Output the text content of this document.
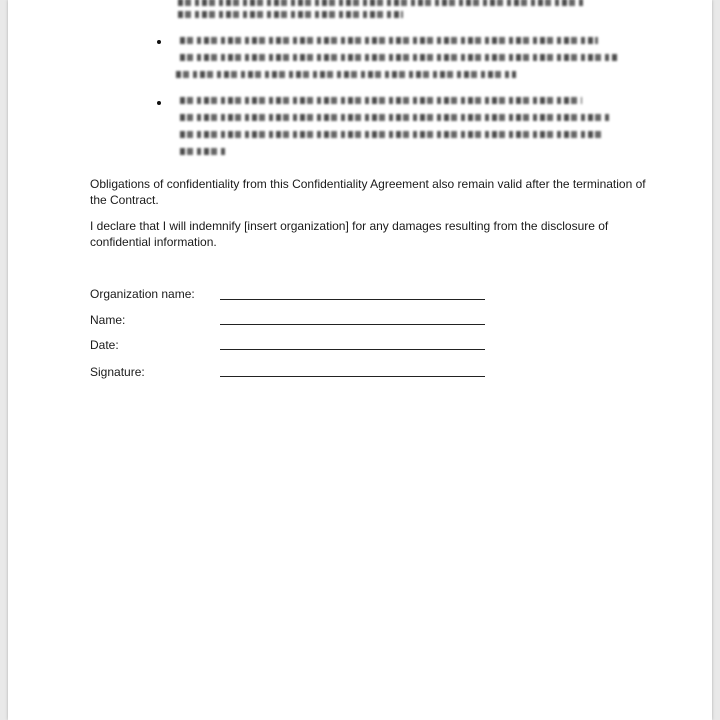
Obligations of confidentiality from this Confidentiality Agreement also remain valid after the termination of the Contract.

I declare that I will indemnify [insert organization] for any damages resulting from the disclosure of confidential information.

Organization name:
Name:
Date:
Signature:
